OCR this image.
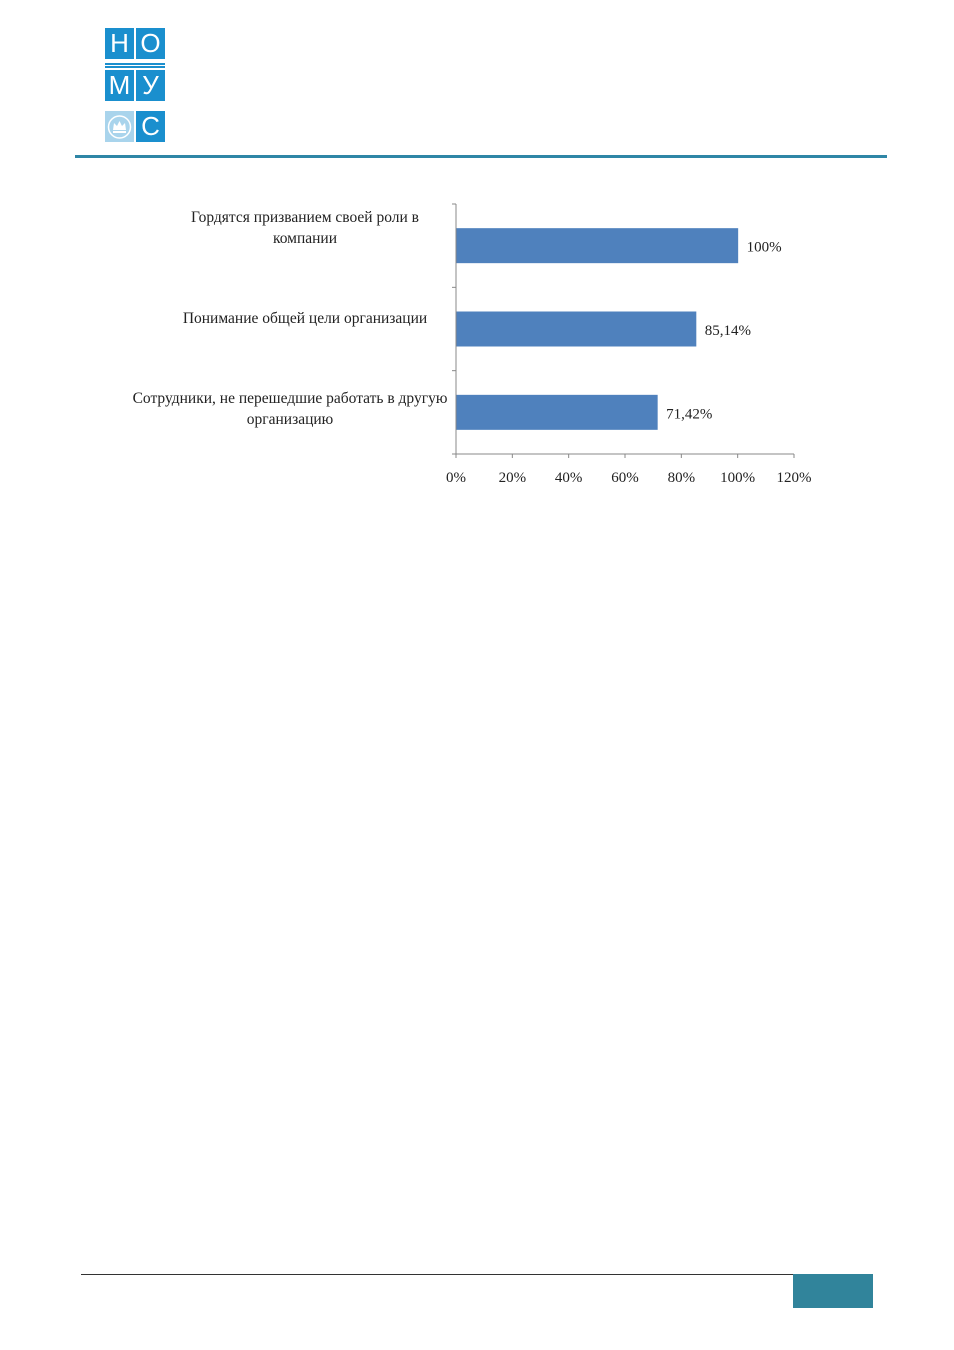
Н О
М У
С
Гордятся призванием своей роли в компании
Понимание общей цели организации
Сотрудники, не перешедшие работать в другую организацию
0% 20% 40% 60% 80% 100% 120%
100%
85,14%
71,42%
